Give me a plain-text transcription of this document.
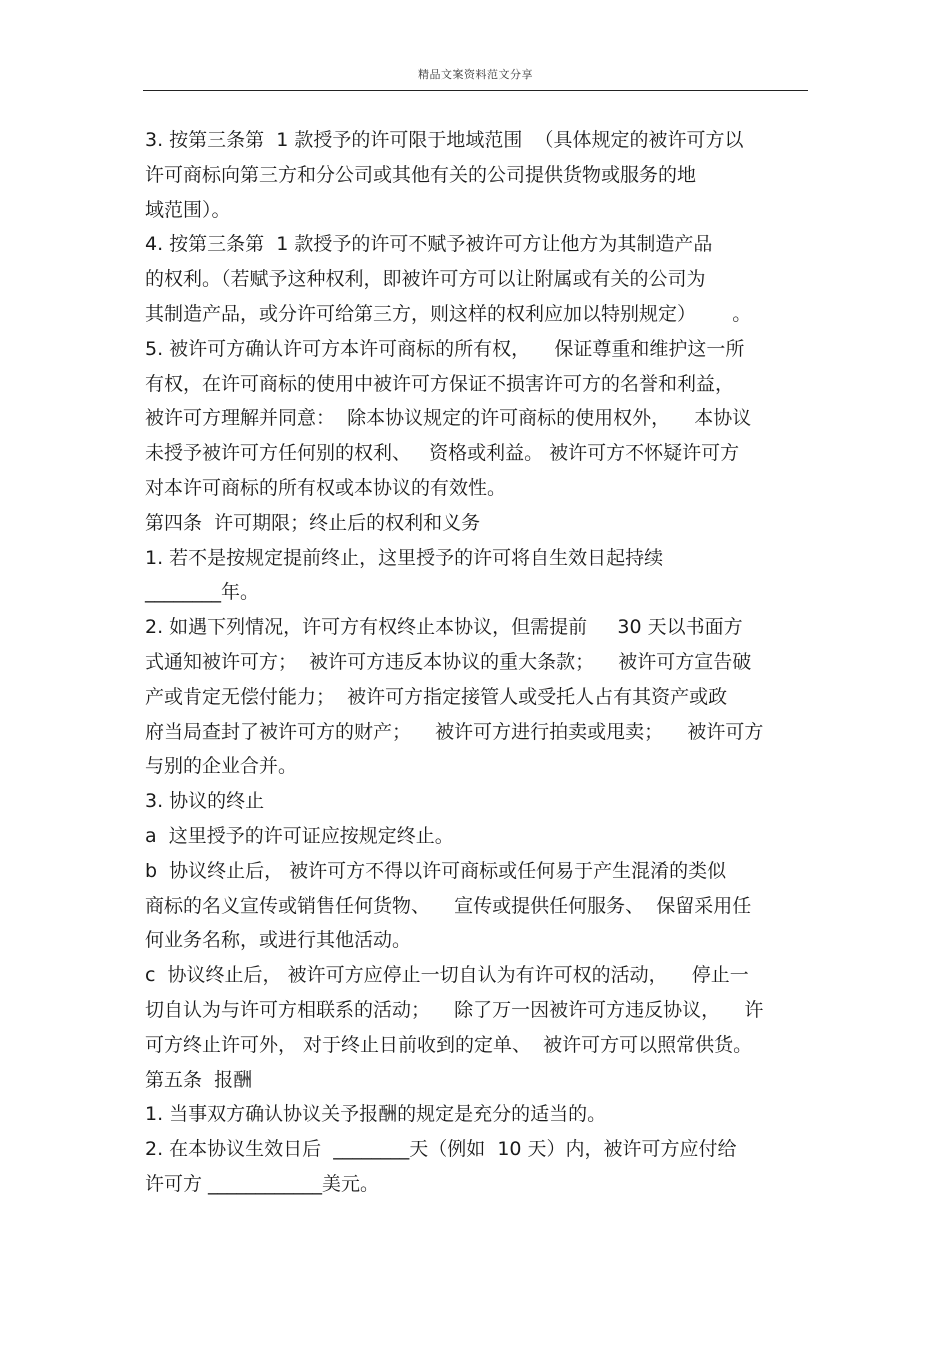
精品文案资料范文分享
3. 按第三条第  1 款授予的许可限于地域范围  （具体规定的被许可方以
许可商标向第三方和分公司或其他有关的公司提供货物或服务的地
域范围）。
4. 按第三条第  1 款授予的许可不赋予被许可方让他方为其制造产品
的权利。（若赋予这种权利，即被许可方可以让附属或有关的公司为
其制造产品，或分许可给第三方，则这样的权利应加以特别规定）      。
5. 被许可方确认许可方本许可商标的所有权，    保证尊重和维护这一所
有权，在许可商标的使用中被许可方保证不损害许可方的名誉和利益，
被许可方理解并同意：  除本协议规定的许可商标的使用权外，    本协议
未授予被许可方任何别的权利、   资格或利益。 被许可方不怀疑许可方
对本许可商标的所有权或本协议的有效性。
第四条  许可期限；终止后的权利和义务
1. 若不是按规定提前终止，这里授予的许可将自生效日起持续
________年。
2. 如遇下列情况，许可方有权终止本协议，但需提前     30 天以书面方
式通知被许可方；  被许可方违反本协议的重大条款；    被许可方宣告破
产或肯定无偿付能力；  被许可方指定接管人或受托人占有其资产或政
府当局查封了被许可方的财产；    被许可方进行拍卖或甩卖；    被许可方
与别的企业合并。
3. 协议的终止
a  这里授予的许可证应按规定终止。
b  协议终止后， 被许可方不得以许可商标或任何易于产生混淆的类似
商标的名义宣传或销售任何货物、    宣传或提供任何服务、  保留采用任
何业务名称，或进行其他活动。
c  协议终止后， 被许可方应停止一切自认为有许可权的活动，    停止一
切自认为与许可方相联系的活动；    除了万一因被许可方违反协议，    许
可方终止许可外， 对于终止日前收到的定单、  被许可方可以照常供货。
第五条  报酬
1. 当事双方确认协议关予报酬的规定是充分的适当的。
2. 在本协议生效日后  ________天（例如  10 天）内，被许可方应付给
许可方 ____________美元。
